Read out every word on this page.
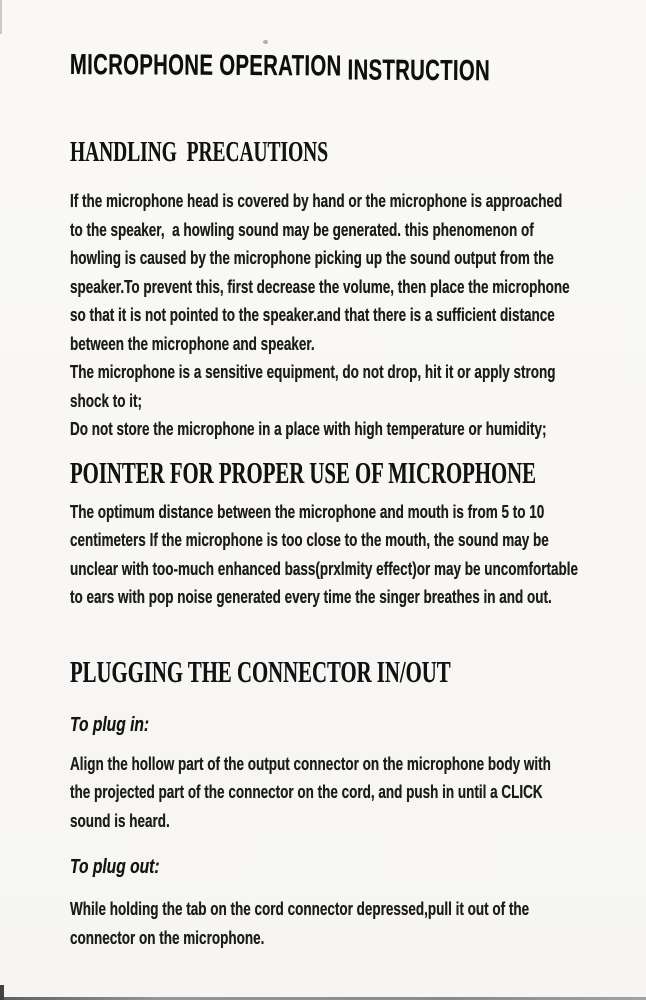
MICROPHONE OPERATION INSTRUCTION
HANDLING  PRECAUTIONS
If the microphone head is covered by hand or the microphone is approached
to the speaker,  a howling sound may be generated. this phenomenon of
howling is caused by the microphone picking up the sound output from the
speaker.To prevent this, first decrease the volume, then place the microphone
so that it is not pointed to the speaker.and that there is a sufficient distance
between the microphone and speaker.
The microphone is a sensitive equipment, do not drop, hit it or apply strong
shock to it;
Do not store the microphone in a place with high temperature or humidity;
POINTER FOR PROPER USE OF MICROPHONE
The optimum distance between the microphone and mouth is from 5 to 10
centimeters If the microphone is too close to the mouth, the sound may be
unclear with too-much enhanced bass(prxlmity effect)or may be uncomfortable
to ears with pop noise generated every time the singer breathes in and out.
PLUGGING THE CONNECTOR IN/OUT
To plug in:
Align the hollow part of the output connector on the microphone body with
the projected part of the connector on the cord, and push in until a CLICK
sound is heard.
To plug out:
While holding the tab on the cord connector depressed,pull it out of the
connector on the microphone.
